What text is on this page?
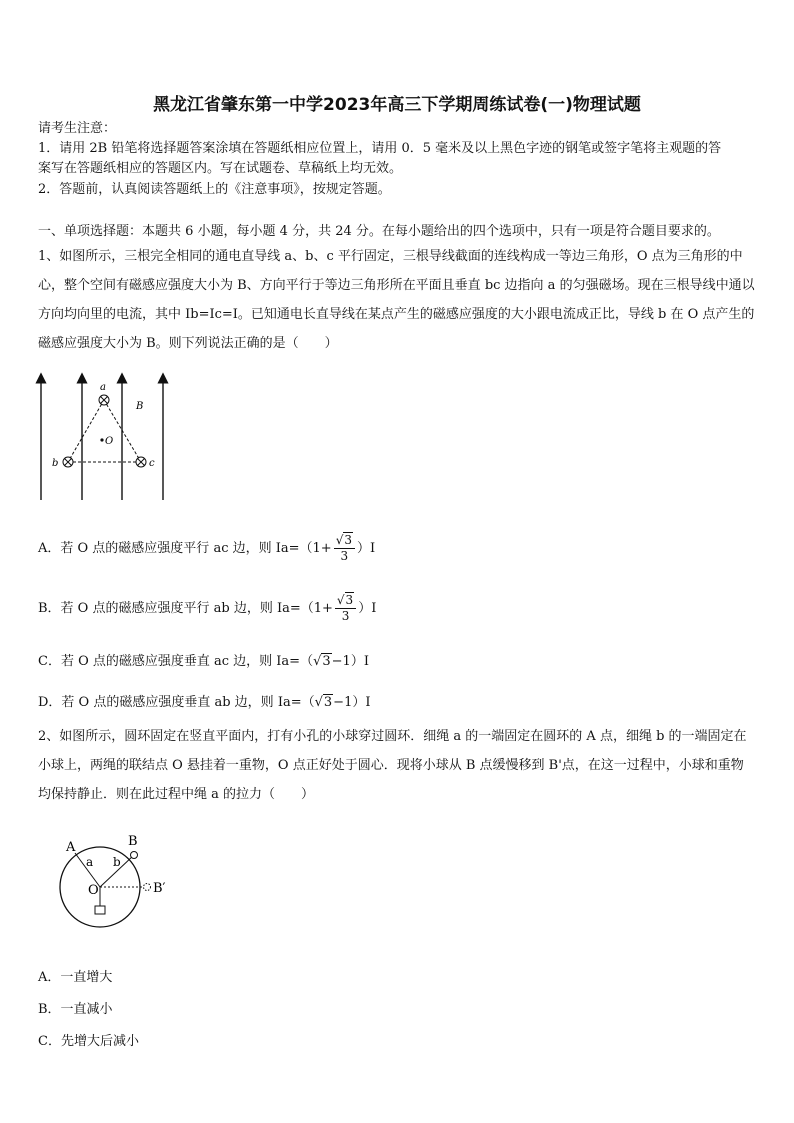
黑龙江省肇东第一中学2023年高三下学期周练试卷(一)物理试题
请考生注意：
1．请用 2B 铅笔将选择题答案涂填在答题纸相应位置上，请用 0．5 毫米及以上黑色字迹的钢笔或签字笔将主观题的答
案写在答题纸相应的答题区内。写在试题卷、草稿纸上均无效。
2．答题前，认真阅读答题纸上的《注意事项》，按规定答题。
一、单项选择题：本题共 6 小题，每小题 4 分，共 24 分。在每小题给出的四个选项中，只有一项是符合题目要求的。
1、如图所示，三根完全相同的通电直导线 a、b、c 平行固定，三根导线截面的连线构成一等边三角形，O 点为三角形的中心，整个空间有磁感应强度大小为 B、方向平行于等边三角形所在平面且垂直 bc 边指向 a 的匀强磁场。现在三根导线中通以方向均向里的电流，其中 Ib=Ic=I。已知通电长直导线在某点产生的磁感应强度的大小跟电流成正比，导线 b 在 O 点产生的磁感应强度大小为 B。则下列说法正确的是（　　）
a
O
b	c
B
A．若 O 点的磁感应强度平行 ac 边，则 $Ia=(1+ \frac{√3}{3} )I$
B．若 O 点的磁感应强度平行 ab 边，则 $Ia=(1+ \frac{√3}{3} )I$
C．若 O 点的磁感应强度垂直 ac 边，则 Ia=（√3−1）I
D．若 O 点的磁感应强度垂直 ab 边，则 Ia=（√3−1）I
2、如图所示，圆环固定在竖直平面内，打有小孔的小球穿过圆环．细绳 a 的一端固定在圆环的 A 点，细绳 b 的一端固定在小球上，两绳的联结点 O 悬挂着一重物，O 点正好处于圆心．现将小球从 B 点缓慢移到 B'点，在这一过程中，小球和重物均保持静止．则在此过程中绳 a 的拉力（　　）
A	B
a b
O	B′
A．一直增大
B．一直减小
C．先增大后减小
